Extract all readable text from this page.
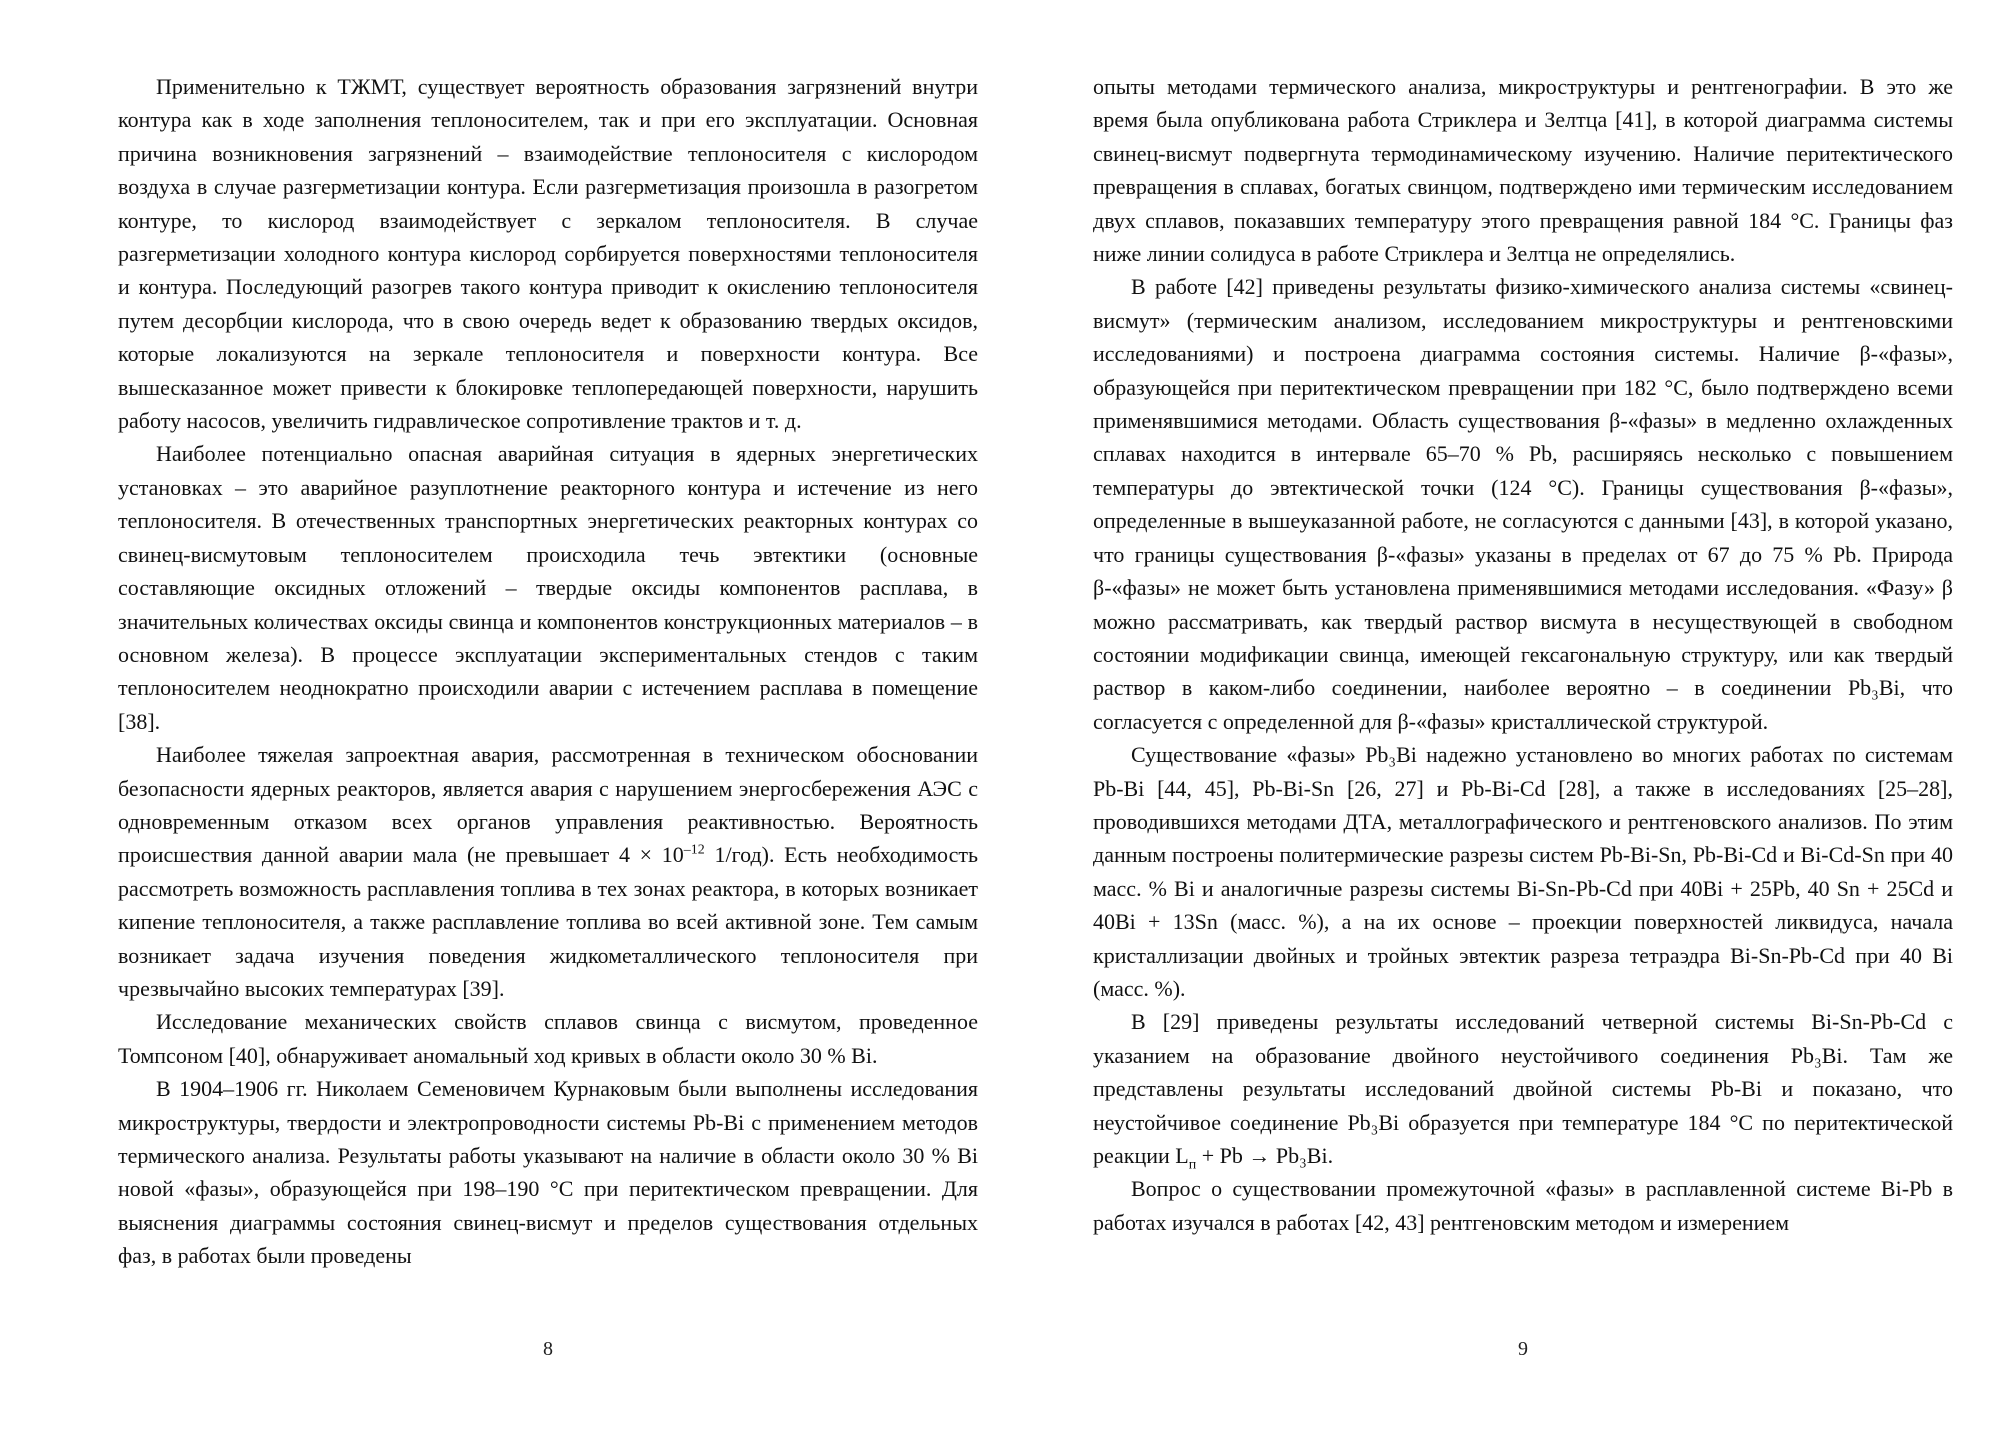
Применительно к ТЖМТ, существует вероятность образования загрязнений внутри контура как в ходе заполнения теплоносителем, так и при его эксплуатации. Основная причина возникновения загрязнений – взаимодействие теплоносителя с кислородом воздуха в случае разгерметизации контура. Если разгерметизация произошла в разогретом контуре, то кислород взаимодействует с зеркалом теплоносителя. В случае разгерметизации холодного контура кислород сорбируется поверхностями теплоносителя и контура. Последующий разогрев такого контура приводит к окислению теплоносителя путем десорбции кислорода, что в свою очередь ведет к образованию твердых оксидов, которые локализуются на зеркале теплоносителя и поверхности контура. Все вышесказанное может привести к блокировке теплопередающей поверхности, нарушить работу насосов, увеличить гидравлическое сопротивление трактов и т. д.

Наиболее потенциально опасная аварийная ситуация в ядерных энергетических установках – это аварийное разуплотнение реакторного контура и истечение из него теплоносителя. В отечественных транспортных энергетических реакторных контурах со свинец-висмутовым теплоносителем происходила течь эвтектики (основные составляющие оксидных отложений – твердые оксиды компонентов расплава, в значительных количествах оксиды свинца и компонентов конструкционных материалов – в основном железа). В процессе эксплуатации экспериментальных стендов с таким теплоносителем неоднократно происходили аварии с истечением расплава в помещение [38].

Наиболее тяжелая запроектная авария, рассмотренная в техническом обосновании безопасности ядерных реакторов, является авария с нарушением энергосбережения АЭС с одновременным отказом всех органов управления реактивностью. Вероятность происшествия данной аварии мала (не превышает $4 \times 10^{-12}$ 1/год). Есть необходимость рассмотреть возможность расплавления топлива в тех зонах реактора, в которых возникает кипение теплоносителя, а также расплавление топлива во всей активной зоне. Тем самым возникает задача изучения поведения жидкометаллического теплоносителя при чрезвычайно высоких температурах [39].

Исследование механических свойств сплавов свинца с висмутом, проведенное Томпсоном [40], обнаруживает аномальный ход кривых в области около 30 % Bi.

В 1904–1906 гг. Николаем Семеновичем Курнаковым были выполнены исследования микроструктуры, твердости и электропроводности системы Pb-Bi с применением методов термического анализа. Результаты работы указывают на наличие в области около 30 % Bi новой «фазы», образующейся при 198–190 °С при перитектическом превращении. Для выяснения диаграммы состояния свинец-висмут и пределов существования отдельных фаз, в работах были проведены

8

опыты методами термического анализа, микроструктуры и рентгенографии. В это же время была опубликована работа Стриклера и Зелтца [41], в которой диаграмма системы свинец-висмут подвергнута термодинамическому изучению. Наличие перитектического превращения в сплавах, богатых свинцом, подтверждено ими термическим исследованием двух сплавов, показавших температуру этого превращения равной 184 °С. Границы фаз ниже линии солидуса в работе Стриклера и Зелтца не определялись.

В работе [42] приведены результаты физико-химического анализа системы «свинец-висмут» (термическим анализом, исследованием микроструктуры и рентгеновскими исследованиями) и построена диаграмма состояния системы. Наличие β-«фазы», образующейся при перитектическом превращении при 182 °С, было подтверждено всеми применявшимися методами. Область существования β-«фазы» в медленно охлажденных сплавах находится в интервале 65–70 % Pb, расширяясь несколько с повышением температуры до эвтектической точки (124 °С). Границы существования β-«фазы», определенные в вышеуказанной работе, не согласуются с данными [43], в которой указано, что границы существования β-«фазы» указаны в пределах от 67 до 75 % Pb. Природа β-«фазы» не может быть установлена применявшимися методами исследования. «Фазу» β можно рассматривать, как твердый раствор висмута в несуществующей в свободном состоянии модификации свинца, имеющей гексагональную структуру, или как твердый раствор в каком-либо соединении, наиболее вероятно – в соединении Pb₃Bi, что согласуется с определенной для β-«фазы» кристаллической структурой.

Существование «фазы» Pb₃Bi надежно установлено во многих работах по системам Pb-Bi [44, 45], Pb-Bi-Sn [26, 27] и Pb-Bi-Cd [28], а также в исследованиях [25–28], проводившихся методами ДТА, металлографического и рентгеновского анализов. По этим данным построены политермические разрезы систем Pb-Bi-Sn, Pb-Bi-Cd и Bi-Cd-Sn при 40 масс. % Bi и аналогичные разрезы системы Bi-Sn-Pb-Cd при 40Bi + 25Pb, 40 Sn + 25Cd и 40Bi + 13Sn (масс. %), а на их основе – проекции поверхностей ликвидуса, начала кристаллизации двойных и тройных эвтектик разреза тетраэдра Bi-Sn-Pb-Cd при 40 Bi (масс. %).

В [29] приведены результаты исследований четверной системы Bi-Sn-Pb-Cd с указанием на образование двойного неустойчивого соединения Pb₃Bi. Там же представлены результаты исследований двойной системы Pb-Bi и показано, что неустойчивое соединение Pb₃Bi образуется при температуре 184 °С по перитектической реакции $L_п + Pb \to Pb_3Bi$.

Вопрос о существовании промежуточной «фазы» в расплавленной системе Bi-Pb в работах изучался в работах [42, 43] рентгеновским методом и измерением

9
